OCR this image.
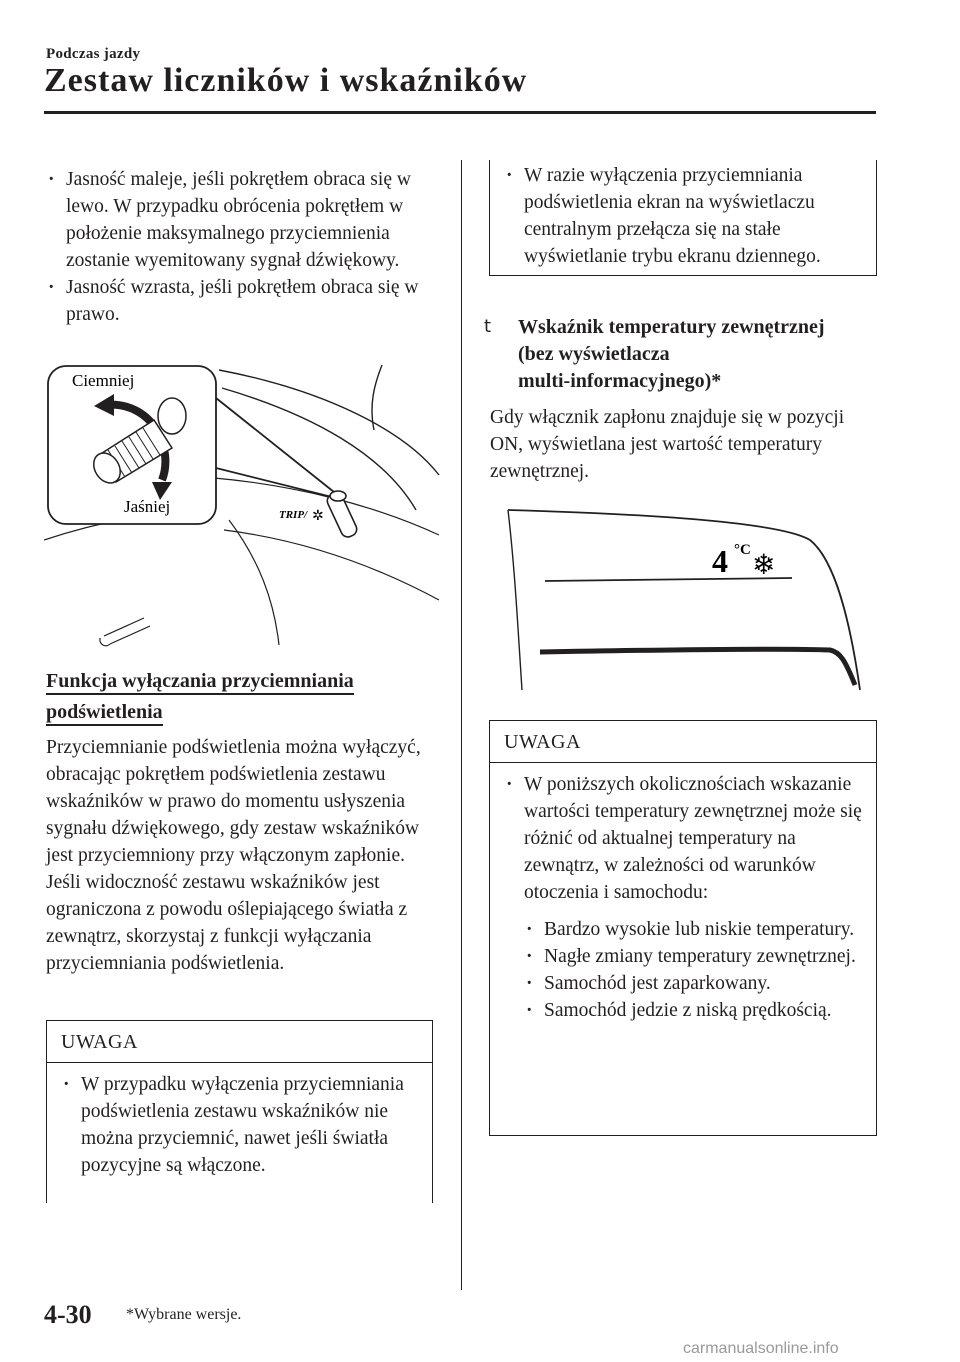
Podczas jazdy
Zestaw liczników i wskaźników
· Jasność maleje, jeśli pokrętłem obraca się w lewo. W przypadku obrócenia pokrętłem w położenie maksymalnego przyciemnienia zostanie wyemitowany sygnał dźwiękowy.
· Jasność wzrasta, jeśli pokrętłem obraca się w prawo.
TRIP/ ✲
Ciemniej
Jaśniej
Funkcja wyłączania przyciemniania
podświetlenia
Przyciemnianie podświetlenia można wyłączyć, obracając pokrętłem podświetlenia zestawu wskaźników w prawo do momentu usłyszenia sygnału dźwiękowego, gdy zestaw wskaźników jest przyciemniony przy włączonym zapłonie. Jeśli widoczność zestawu wskaźników jest ograniczona z powodu oślepiającego światła z zewnątrz, skorzystaj z funkcji wyłączania przyciemniania podświetlenia.
UWAGA
· W przypadku wyłączenia przyciemniania podświetlenia zestawu wskaźników nie można przyciemnić, nawet jeśli światła pozycyjne są włączone.
· W razie wyłączenia przyciemniania podświetlenia ekran na wyświetlaczu centralnym przełącza się na stałe wyświetlanie trybu ekranu dziennego.
t Wskaźnik temperatury zewnętrznej
(bez wyświetlacza
multi-informacyjnego)*
Gdy włącznik zapłonu znajduje się w pozycji ON, wyświetlana jest wartość temperatury zewnętrznej.
4 °C ❄
UWAGA
· W poniższych okolicznościach wskazanie wartości temperatury zewnętrznej może się różnić od aktualnej temperatury na zewnątrz, w zależności od warunków otoczenia i samochodu:
· Bardzo wysokie lub niskie temperatury.
· Nagłe zmiany temperatury zewnętrznej.
· Samochód jest zaparkowany.
· Samochód jedzie z niską prędkością.
4-30 *Wybrane wersje.
carmanualsonline.info
